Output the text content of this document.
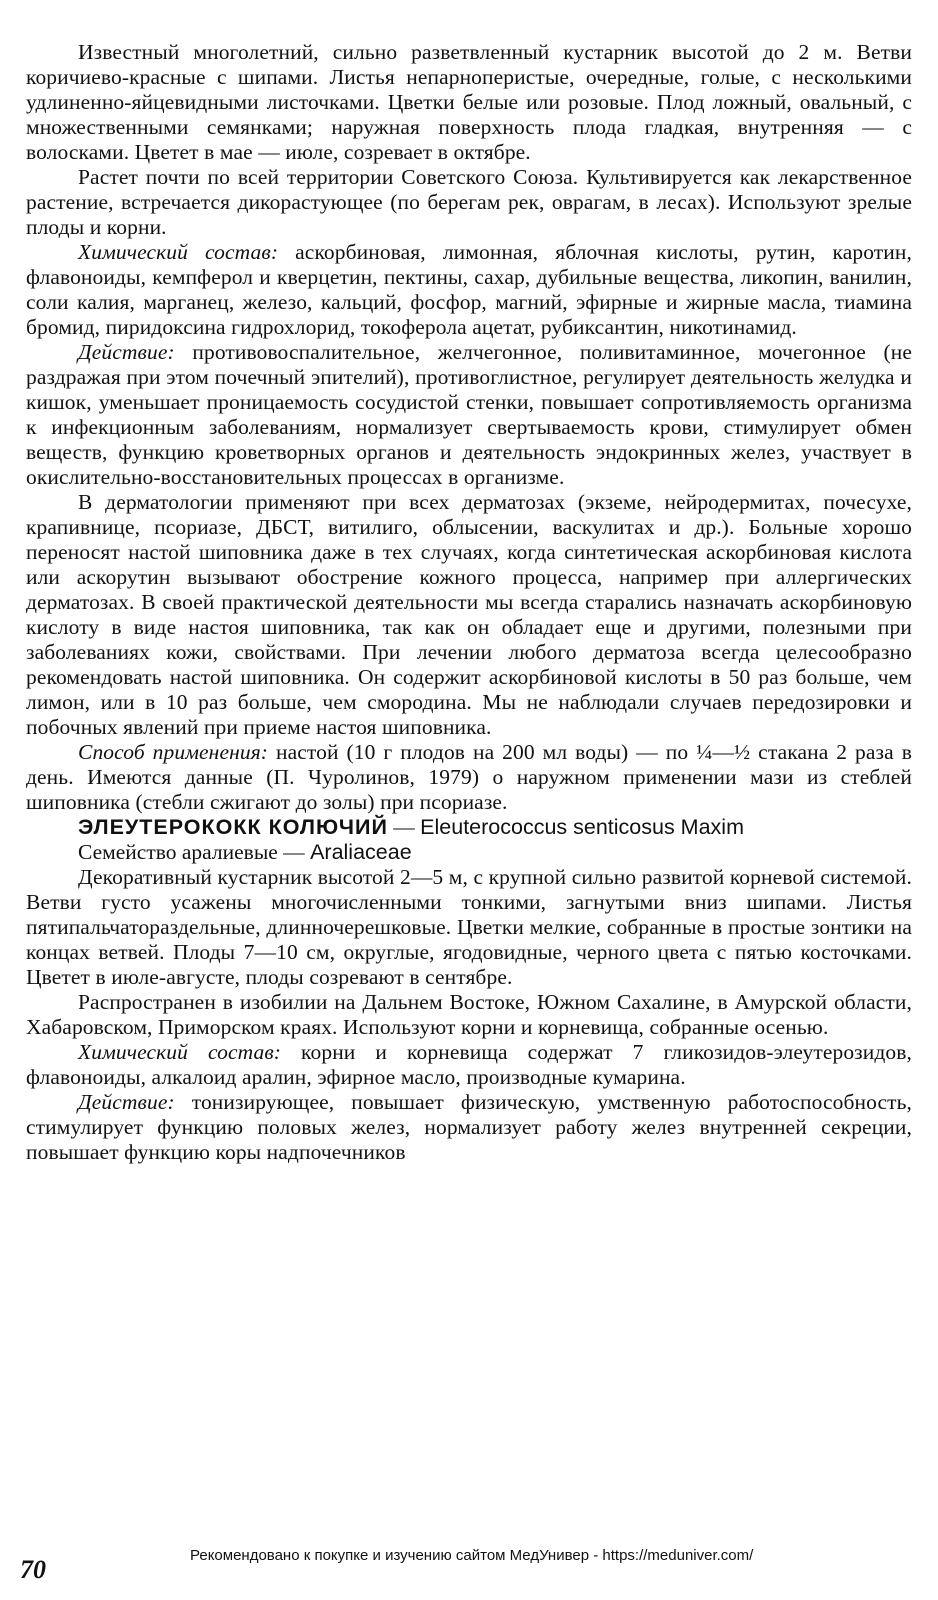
Известный многолетний, сильно разветвленный кустарник высотой до 2 м. Ветви коричиево-красные с шипами. Листья непарноперистые, очередные, голые, с несколькими удлиненно-яйцевидными листочками. Цветки белые или розовые. Плод ложный, овальный, с множественными семянками; наружная поверхность плода гладкая, внутренняя — с волосками. Цветет в мае — июле, созревает в октябре.

Растет почти по всей территории Советского Союза. Культивируется как лекарственное растение, встречается дикорастующее (по берегам рек, оврагам, в лесах). Используют зрелые плоды и корни.

Химический состав: аскорбиновая, лимонная, яблочная кислоты, рутин, каротин, флавоноиды, кемпферол и кверцетин, пектины, сахар, дубильные вещества, ликопин, ванилин, соли калия, марганец, железо, кальций, фосфор, магний, эфирные и жирные масла, тиамина бромид, пиридоксина гидрохлорид, токоферола ацетат, рубиксантин, никотинамид.

Действие: противовоспалительное, желчегонное, поливитаминное, мочегонное (не раздражая при этом почечный эпителий), противоглистное, регулирует деятельность желудка и кишок, уменьшает проницаемость сосудистой стенки, повышает сопротивляемость организма к инфекционным заболеваниям, нормализует свертываемость крови, стимулирует обмен веществ, функцию кроветворных органов и деятельность эндокринных желез, участвует в окислительно-восстановительных процессах в организме.

В дерматологии применяют при всех дерматозах (экземе, нейродермитах, почесухе, крапивнице, псориазе, ДБСТ, витилиго, облысении, васкулитах и др.). Больные хорошо переносят настой шиповника даже в тех случаях, когда синтетическая аскорбиновая кислота или аскорутин вызывают обострение кожного процесса, например при аллергических дерматозах. В своей практической деятельности мы всегда старались назначать аскорбиновую кислоту в виде настоя шиповника, так как он обладает еще и другими, полезными при заболеваниях кожи, свойствами. При лечении любого дерматоза всегда целесообразно рекомендовать настой шиповника. Он содержит аскорбиновой кислоты в 50 раз больше, чем лимон, или в 10 раз больше, чем смородина. Мы не наблюдали случаев передозировки и побочных явлений при приеме настоя шиповника.

Способ применения: настой (10 г плодов на 200 мл воды) — по ¼—½ стакана 2 раза в день. Имеются данные (П. Чуролинов, 1979) о наружном применении мази из стеблей шиповника (стебли сжигают до золы) при псориазе.

ЭЛЕУТЕРОКОКК КОЛЮЧИЙ — Eleuterococcus senticosus Maxim

Семейство аралиевые — Araliaceae

Декоративный кустарник высотой 2—5 м, с крупной сильно развитой корневой системой. Ветви густо усажены многочисленными тонкими, загнутыми вниз шипами. Листья пятипальчатораздельные, длинночерешковые. Цветки мелкие, собранные в простые зонтики на концах ветвей. Плоды 7—10 см, округлые, ягодовидные, черного цвета с пятью косточками. Цветет в июле-августе, плоды созревают в сентябре.

Распространен в изобилии на Дальнем Востоке, Южном Сахалине, в Амурской области, Хабаровском, Приморском краях. Используют корни и корневища, собранные осенью.

Химический состав: корни и корневища содержат 7 гликозидов-элеутерозидов, флавоноиды, алкалоид аралин, эфирное масло, производные кумарина.

Действие: тонизирующее, повышает физическую, умственную работоспособность, стимулирует функцию половых желез, нормализует работу желез внутренней секреции, повышает функцию коры надпочечников

70	Рекомендовано к покупке и изучению сайтом МедУнивер - https://meduniver.com/
